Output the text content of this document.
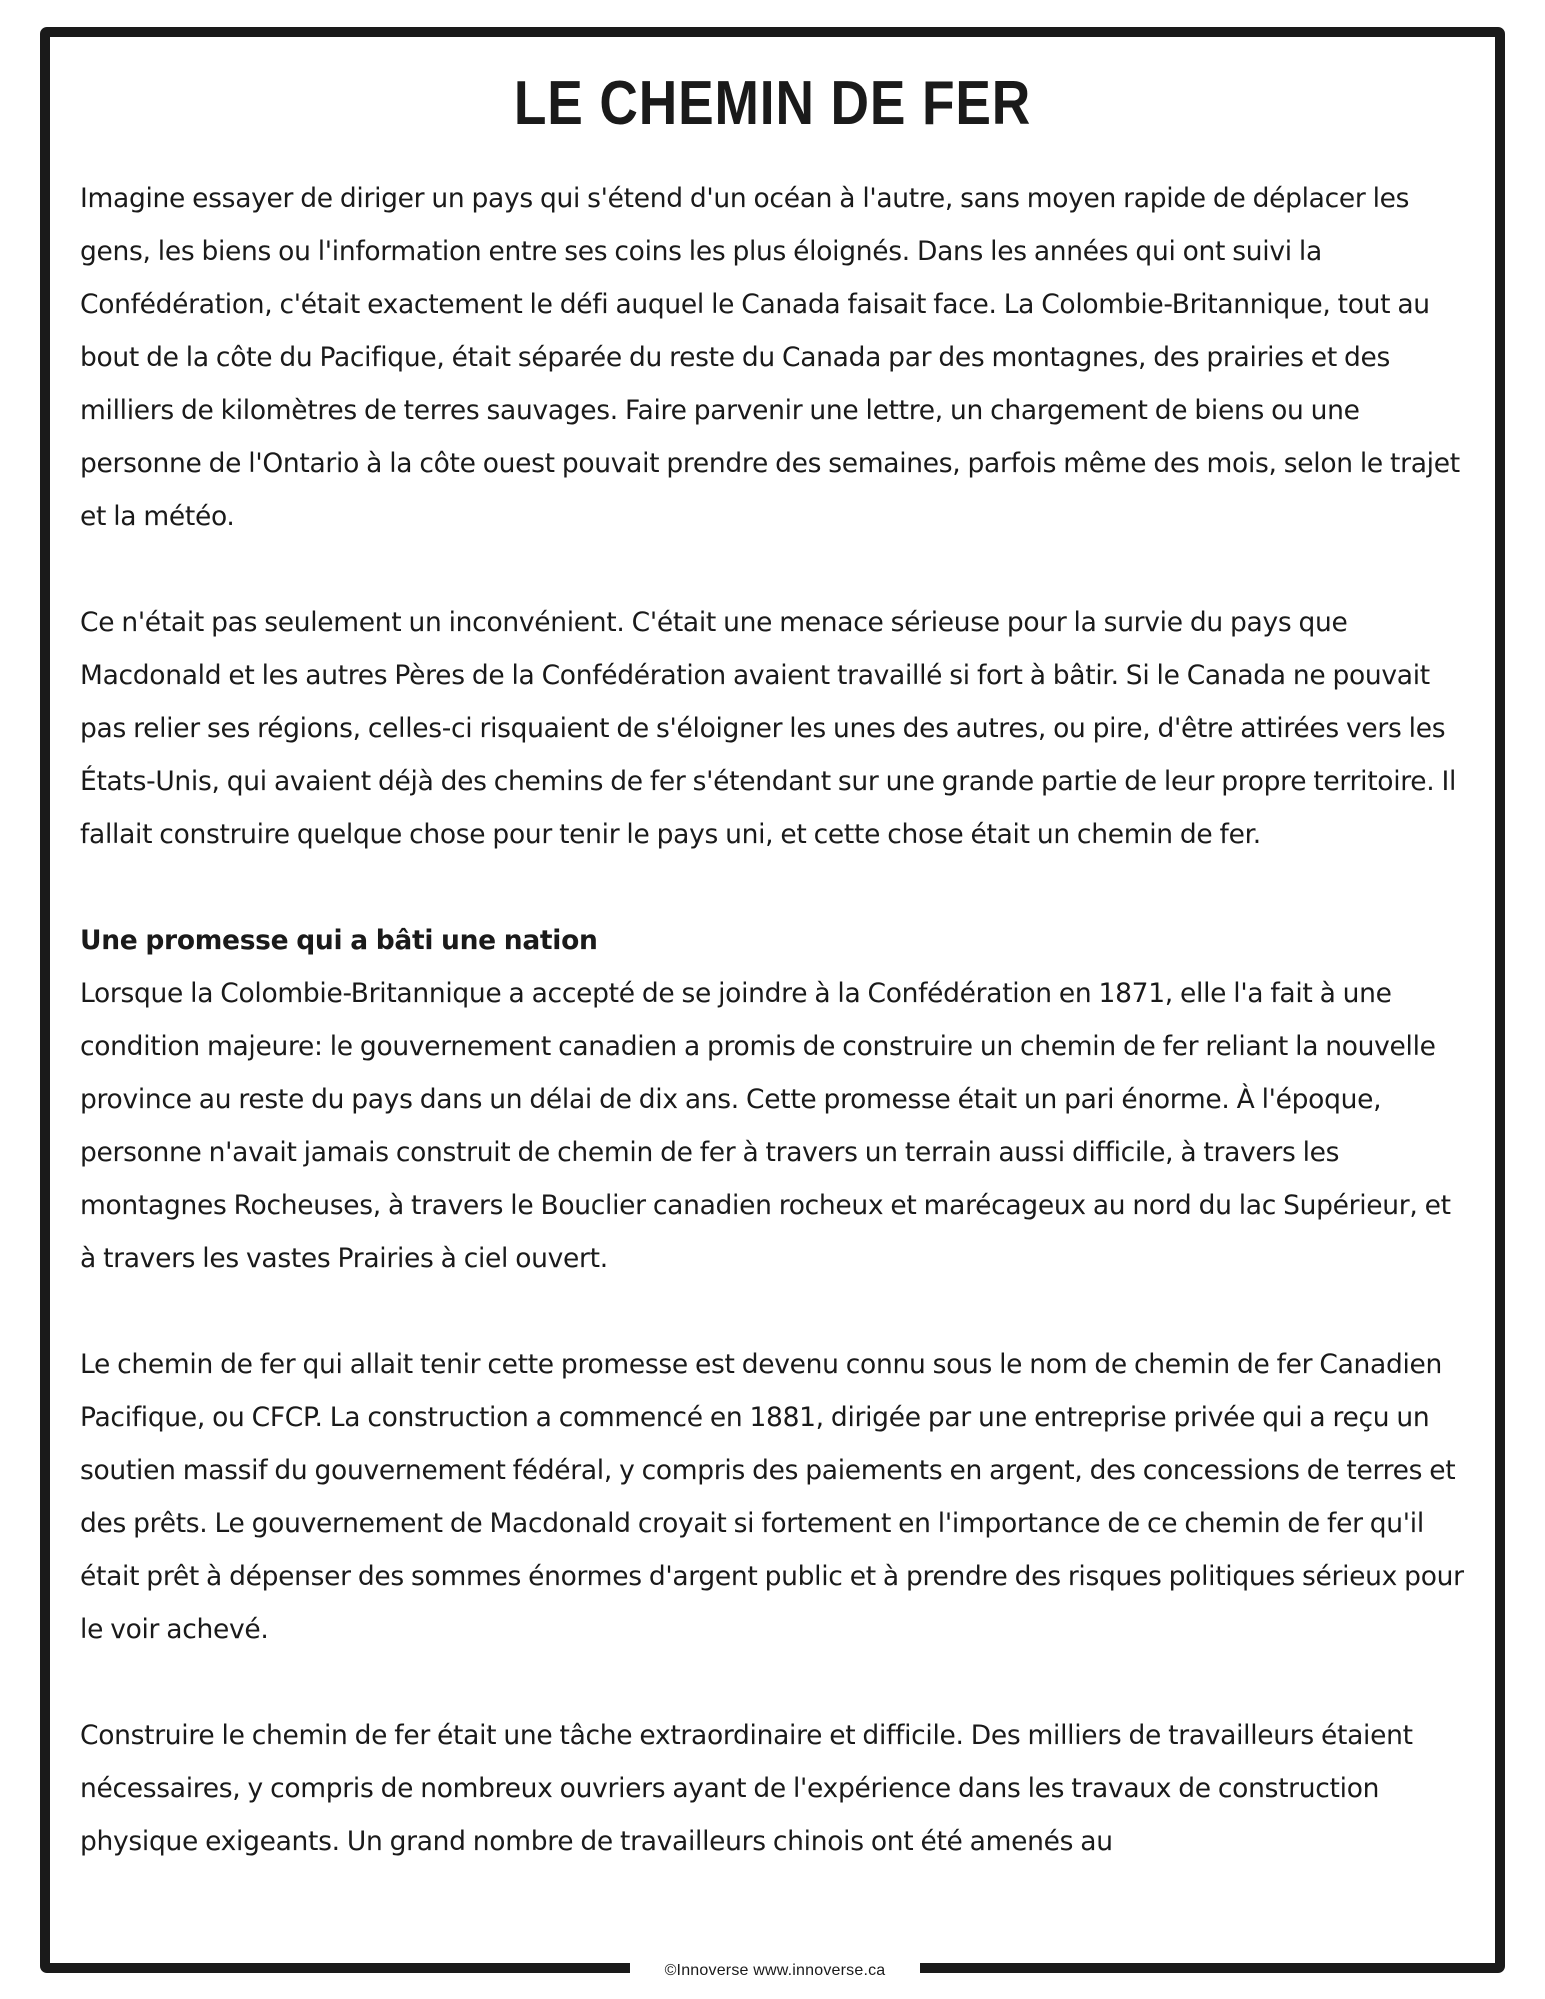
LE CHEMIN DE FER

Imagine essayer de diriger un pays qui s'étend d'un océan à l'autre, sans moyen rapide de déplacer les gens, les biens ou l'information entre ses coins les plus éloignés. Dans les années qui ont suivi la Confédération, c'était exactement le défi auquel le Canada faisait face. La Colombie-Britannique, tout au bout de la côte du Pacifique, était séparée du reste du Canada par des montagnes, des prairies et des milliers de kilomètres de terres sauvages. Faire parvenir une lettre, un chargement de biens ou une personne de l'Ontario à la côte ouest pouvait prendre des semaines, parfois même des mois, selon le trajet et la météo.

Ce n'était pas seulement un inconvénient. C'était une menace sérieuse pour la survie du pays que Macdonald et les autres Pères de la Confédération avaient travaillé si fort à bâtir. Si le Canada ne pouvait pas relier ses régions, celles-ci risquaient de s'éloigner les unes des autres, ou pire, d'être attirées vers les États-Unis, qui avaient déjà des chemins de fer s'étendant sur une grande partie de leur propre territoire. Il fallait construire quelque chose pour tenir le pays uni, et cette chose était un chemin de fer.

Une promesse qui a bâti une nation

Lorsque la Colombie-Britannique a accepté de se joindre à la Confédération en 1871, elle l'a fait à une condition majeure: le gouvernement canadien a promis de construire un chemin de fer reliant la nouvelle province au reste du pays dans un délai de dix ans. Cette promesse était un pari énorme. À l'époque, personne n'avait jamais construit de chemin de fer à travers un terrain aussi difficile, à travers les montagnes Rocheuses, à travers le Bouclier canadien rocheux et marécageux au nord du lac Supérieur, et à travers les vastes Prairies à ciel ouvert.

Le chemin de fer qui allait tenir cette promesse est devenu connu sous le nom de chemin de fer Canadien Pacifique, ou CFCP. La construction a commencé en 1881, dirigée par une entreprise privée qui a reçu un soutien massif du gouvernement fédéral, y compris des paiements en argent, des concessions de terres et des prêts. Le gouvernement de Macdonald croyait si fortement en l'importance de ce chemin de fer qu'il était prêt à dépenser des sommes énormes d'argent public et à prendre des risques politiques sérieux pour le voir achevé.

Construire le chemin de fer était une tâche extraordinaire et difficile. Des milliers de travailleurs étaient nécessaires, y compris de nombreux ouvriers ayant de l'expérience dans les travaux de construction physique exigeants. Un grand nombre de travailleurs chinois ont été amenés au

©Innoverse www.innoverse.ca
